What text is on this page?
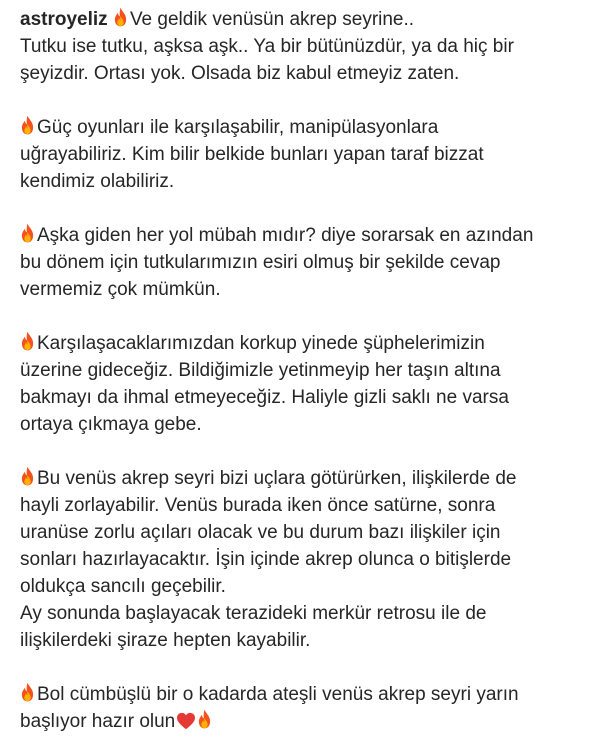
astroyeliz Ve geldik venüsün akrep seyrine..
Tutku ise tutku, aşksa aşk.. Ya bir bütünüzdür, ya da hiç bir
şeyizdir. Ortası yok. Olsada biz kabul etmeyiz zaten.
Güç oyunları ile karşılaşabilir, manipülasyonlara
uğrayabiliriz. Kim bilir belkide bunları yapan taraf bizzat
kendimiz olabiliriz.
Aşka giden her yol mübah mıdır? diye sorarsak en azından
bu dönem için tutkularımızın esiri olmuş bir şekilde cevap
vermemiz çok mümkün.
Karşılaşacaklarımızdan korkup yinede şüphelerimizin
üzerine gideceğiz. Bildiğimizle yetinmeyip her taşın altına
bakmayı da ihmal etmeyeceğiz. Haliyle gizli saklı ne varsa
ortaya çıkmaya gebe.
Bu venüs akrep seyri bizi uçlara götürürken, ilişkilerde de
hayli zorlayabilir. Venüs burada iken önce satürne, sonra
uranüse zorlu açıları olacak ve bu durum bazı ilişkiler için
sonları hazırlayacaktır. İşin içinde akrep olunca o bitişlerde
oldukça sancılı geçebilir.
Ay sonunda başlayacak terazideki merkür retrosu ile de
ilişkilerdeki şiraze hepten kayabilir.
Bol cümbüşlü bir o kadarda ateşli venüs akrep seyri yarın
başlıyor hazır olun
